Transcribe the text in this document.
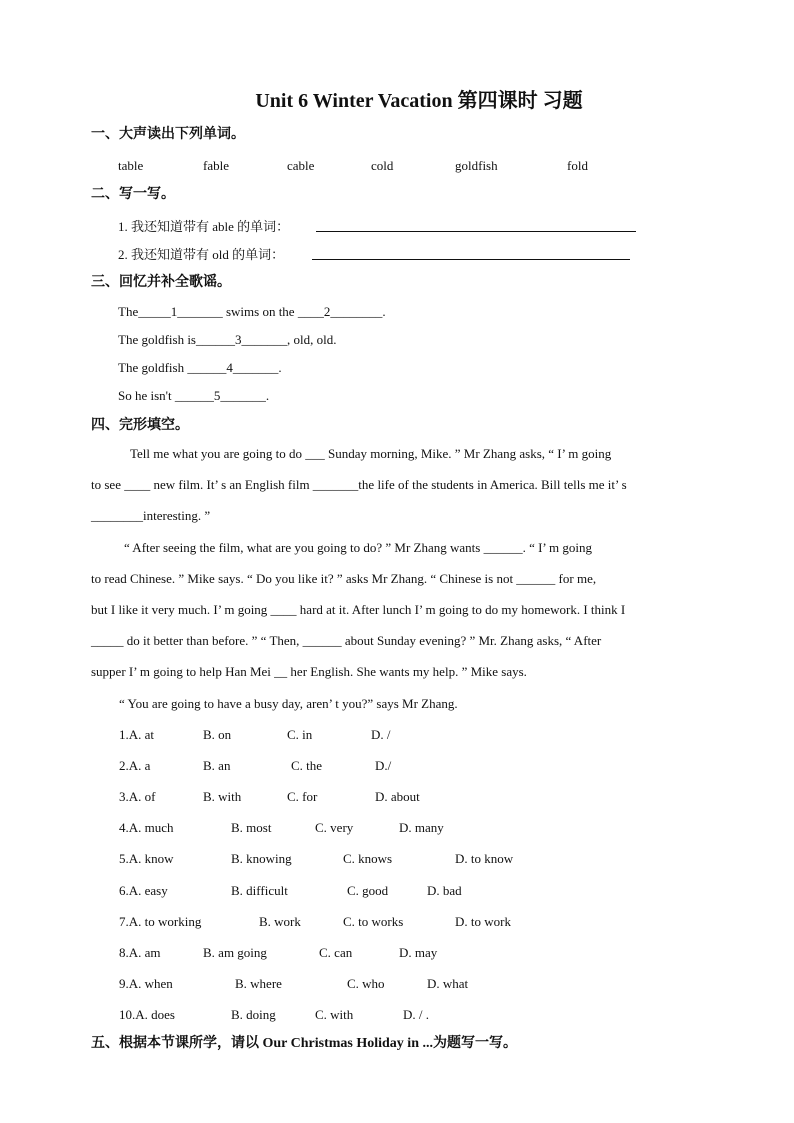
Unit 6 Winter Vacation 第四课时 习题
一、大声读出下列单词。
table	fable	cable	cold	goldfish	fold
二、写一写。
1. 我还知道带有 able 的单词：
2. 我还知道带有 old 的单词：
三、回忆并补全歌谣。
The_____1_______ swims on the ____2________.
The goldfish is______3_______, old, old.
The goldfish ______4_______.
So he isn't ______5_______.
四、完形填空。
Tell me what you are going to do ___ Sunday morning, Mike. ” Mr Zhang asks, “ I’ m going
to see ____ new film. It’ s an English film _______the life of the students in America. Bill tells me it’ s
________interesting. ”
“ After seeing the film, what are you going to do? ” Mr Zhang wants ______. “ I’ m going
to read Chinese. ” Mike says. “ Do you like it? ” asks Mr Zhang. “ Chinese is not ______ for me,
but I like it very much. I’ m going ____ hard at it. After lunch I’ m going to do my homework. I think I
_____ do it better than before. ” “ Then, ______ about Sunday evening? ” Mr. Zhang asks, “ After
supper I’ m going to help Han Mei __ her English. She wants my help. ” Mike says.
“ You are going to have a busy day, aren’ t you?” says Mr Zhang.
1.A. at	B. on	C. in	D. /
2.A. a	B. an	C. the	D./
3.A. of	B. with	C. for	D. about
4.A. much	B. most	C. very	D. many
5.A. know	B. knowing	C. knows	D. to know
6.A. easy	B. difficult	C. good	D. bad
7.A. to working	B. work	C. to works	D. to work
8.A. am	B. am going	C. can	D. may
9.A. when	B. where	C. who	D. what
10.A. does	B. doing	C. with	D. / .
五、根据本节课所学，请以 Our Christmas Holiday in ...为题写一写。
